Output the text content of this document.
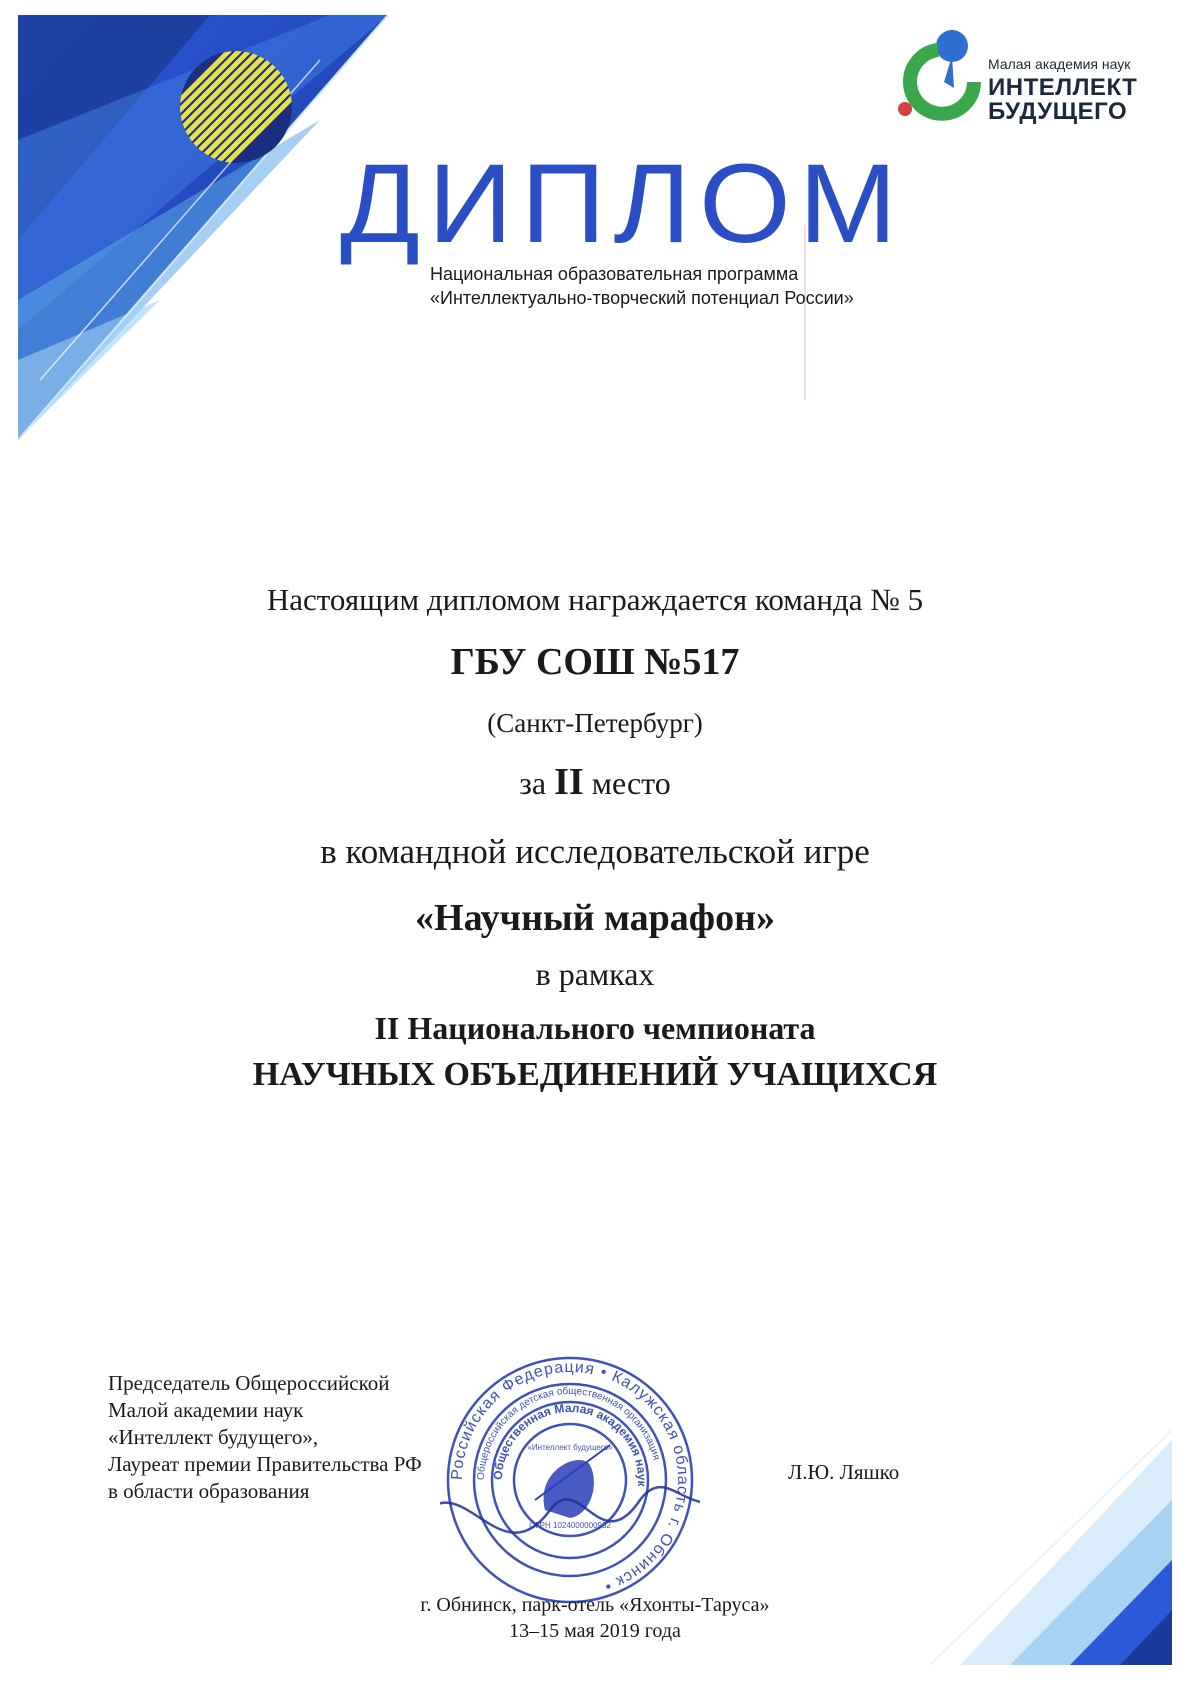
Малая академия наук
ИНТЕЛЛЕКТ
БУДУЩЕГО
ДИПЛОМ
Национальная образовательная программа
«Интеллектуально-творческий потенциал России»
Настоящим дипломом награждается команда № 5
ГБУ СОШ №517
(Санкт-Петербург)
за II место
в командной исследовательской игре
«Научный марафон»
в рамках
II Национального чемпионата
НАУЧНЫХ ОБЪЕДИНЕНИЙ УЧАЩИХСЯ
Председатель Общероссийской
Малой академии наук
«Интеллект будущего»,
Лауреат премии Правительства РФ
в области образования
Л.Ю. Ляшко
Российская Федерация • Калужская область г. Обнинск •
Общероссийская детская общественная организация
Общественная Малая академия наук
«Интеллект будущего»
ОГРН 1024000000932
г. Обнинск, парк-отель «Яхонты-Таруса»
13–15 мая 2019 года
